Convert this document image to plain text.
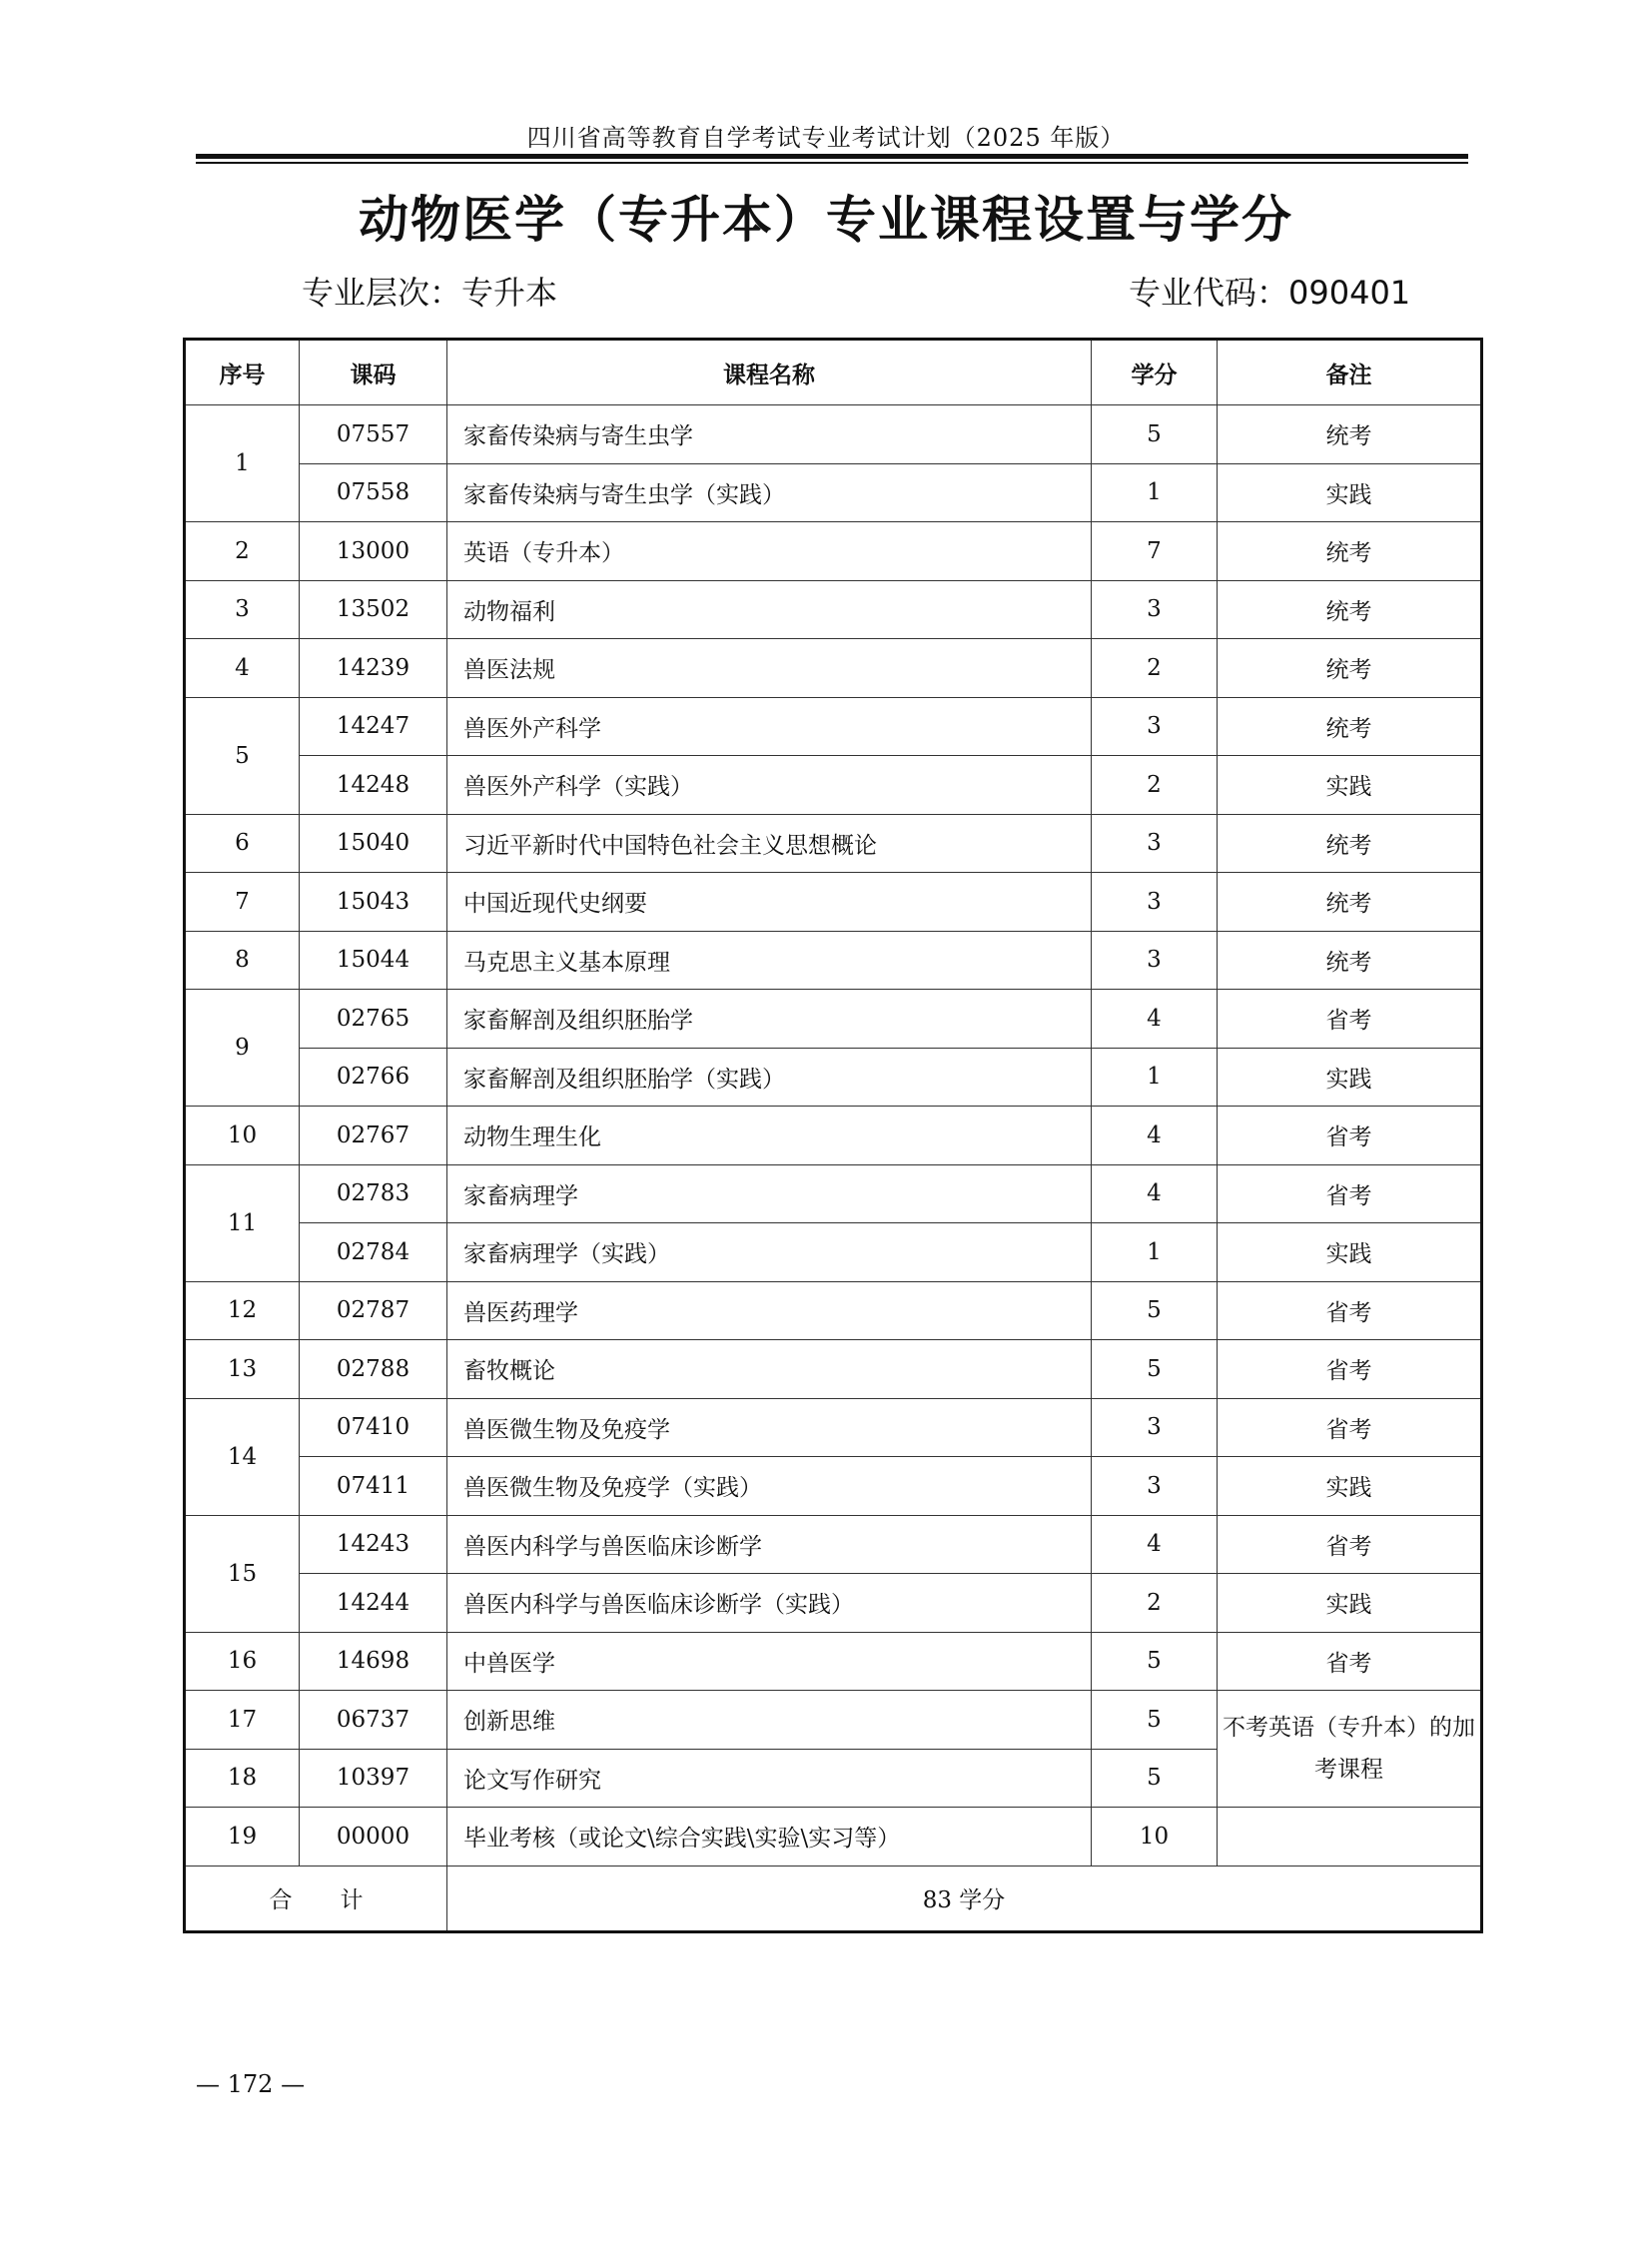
四川省高等教育自学考试专业考试计划（2025 年版）
动物医学（专升本）专业课程设置与学分
专业层次：专升本	专业代码：090401
序号	课码	课程名称	学分	备注
1	07557	家畜传染病与寄生虫学	5	统考
	07558	家畜传染病与寄生虫学（实践）	1	实践
2	13000	英语（专升本）	7	统考
3	13502	动物福利	3	统考
4	14239	兽医法规	2	统考
5	14247	兽医外产科学	3	统考
	14248	兽医外产科学（实践）	2	实践
6	15040	习近平新时代中国特色社会主义思想概论	3	统考
7	15043	中国近现代史纲要	3	统考
8	15044	马克思主义基本原理	3	统考
9	02765	家畜解剖及组织胚胎学	4	省考
	02766	家畜解剖及组织胚胎学（实践）	1	实践
10	02767	动物生理生化	4	省考
11	02783	家畜病理学	4	省考
	02784	家畜病理学（实践）	1	实践
12	02787	兽医药理学	5	省考
13	02788	畜牧概论	5	省考
14	07410	兽医微生物及免疫学	3	省考
	07411	兽医微生物及免疫学（实践）	3	实践
15	14243	兽医内科学与兽医临床诊断学	4	省考
	14244	兽医内科学与兽医临床诊断学（实践）	2	实践
16	14698	中兽医学	5	省考
17	06737	创新思维	5	不考英语（专升本）的加考课程
18	10397	论文写作研究	5	
19	00000	毕业考核（或论文\综合实践\实验\实习等）	10	
合计		83 学分		
— 172 —
